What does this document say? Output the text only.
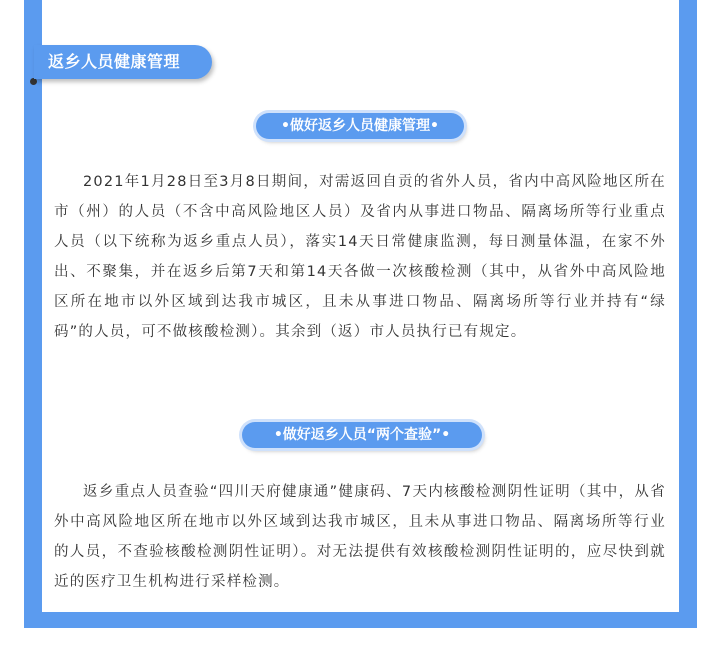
返乡人员健康管理
•做好返乡人员健康管理•

2021年1月28日至3月8日期间，对需返回自贡的省外人员，省内中高风险地区所在市（州）的人员（不含中高风险地区人员）及省内从事进口物品、隔离场所等行业重点人员（以下统称为返乡重点人员），落实14天日常健康监测，每日测量体温，在家不外出、不聚集，并在返乡后第7天和第14天各做一次核酸检测（其中，从省外中高风险地区所在地市以外区域到达我市城区，且未从事进口物品、隔离场所等行业并持有“绿码”的人员，可不做核酸检测）。其余到（返）市人员执行已有规定。

•做好返乡人员“两个查验”•

返乡重点人员查验“四川天府健康通”健康码、7天内核酸检测阴性证明（其中，从省外中高风险地区所在地市以外区域到达我市城区，且未从事进口物品、隔离场所等行业的人员，不查验核酸检测阴性证明）。对无法提供有效核酸检测阴性证明的，应尽快到就近的医疗卫生机构进行采样检测。
